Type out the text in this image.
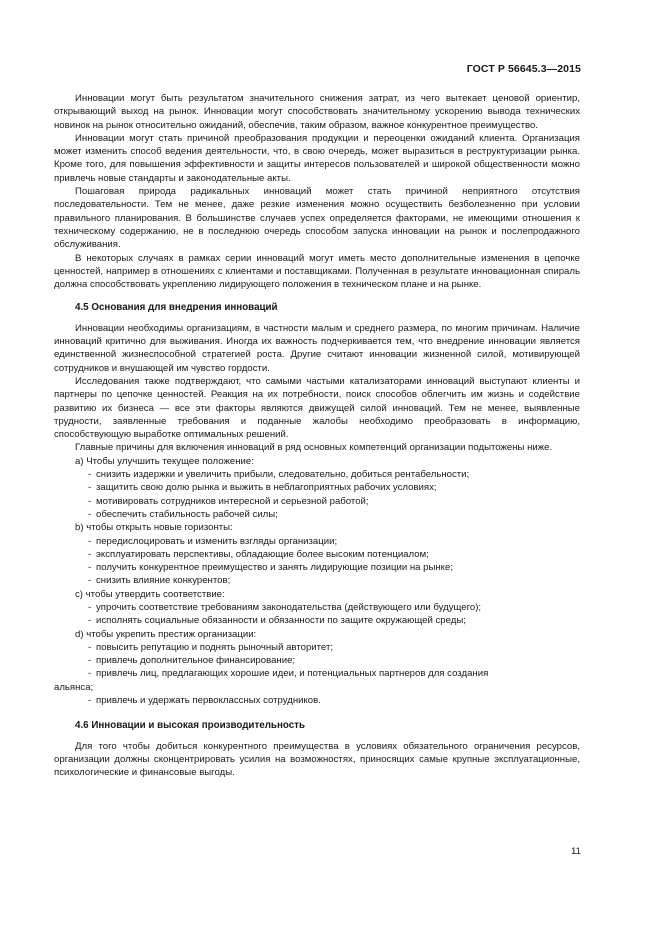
ГОСТ Р 56645.3—2015

Инновации могут быть результатом значительного снижения затрат, из чего вытекает ценовой ориентир, открывающий выход на рынок. Инновации могут способствовать значительному ускорению вывода технических новинок на рынок относительно ожиданий, обеспечив, таким образом, важное конкурентное преимущество.

Инновации могут стать причиной преобразования продукции и переоценки ожиданий клиента. Организация может изменить способ ведения деятельности, что, в свою очередь, может выразиться в реструктуризации рынка. Кроме того, для повышения эффективности и защиты интересов пользователей и широкой общественности можно привлечь новые стандарты и законодательные акты.

Пошаговая природа радикальных инноваций может стать причиной неприятного отсутствия последовательности. Тем не менее, даже резкие изменения можно осуществить безболезненно при условии правильного планирования. В большинстве случаев успех определяется факторами, не имеющими отношения к техническому содержанию, не в последнюю очередь способом запуска инновации на рынок и послепродажного обслуживания.

В некоторых случаях в рамках серии инноваций могут иметь место дополнительные изменения в цепочке ценностей, например в отношениях с клиентами и поставщиками. Полученная в результате инновационная спираль должна способствовать укреплению лидирующего положения в техническом плане и на рынке.

4.5 Основания для внедрения инноваций

Инновации необходимы организациям, в частности малым и среднего размера, по многим причинам. Наличие инноваций критично для выживания. Иногда их важность подчеркивается тем, что внедрение инновации является единственной жизнеспособной стратегией роста. Другие считают инновации жизненной силой, мотивирующей сотрудников и внушающей им чувство гордости.

Исследования также подтверждают, что самыми частыми катализаторами инноваций выступают клиенты и партнеры по цепочке ценностей. Реакция на их потребности, поиск способов облегчить им жизнь и содействие развитию их бизнеса — все эти факторы являются движущей силой инноваций. Тем не менее, выявленные трудности, заявленные требования и поданные жалобы необходимо преобразовать в информацию, способствующую выработке оптимальных решений.

Главные причины для включения инноваций в ряд основных компетенций организации подытожены ниже.

а) Чтобы улучшить текущее положение:
- снизить издержки и увеличить прибыли, следовательно, добиться рентабельности;
- защитить свою долю рынка и выжить в неблагоприятных рабочих условиях;
- мотивировать сотрудников интересной и серьезной работой;
- обеспечить стабильность рабочей силы;
b) чтобы открыть новые горизонты:
- передислоцировать и изменить взгляды организации;
- эксплуатировать перспективы, обладающие более высоким потенциалом;
- получить конкурентное преимущество и занять лидирующие позиции на рынке;
- снизить влияние конкурентов;
c) чтобы утвердить соответствие:
- упрочить соответствие требованиям законодательства (действующего или будущего);
- исполнять социальные обязанности и обязанности по защите окружающей среды;
d) чтобы укрепить престиж организации:
- повысить репутацию и поднять рыночный авторитет;
- привлечь дополнительное финансирование;
- привлечь лиц, предлагающих хорошие идеи, и потенциальных партнеров для создания
альянса;
- привлечь и удержать первоклассных сотрудников.
4.6 Инновации и высокая производительность

Для того чтобы добиться конкурентного преимущества в условиях обязательного ограничения ресурсов, организации должны сконцентрировать усилия на возможностях, приносящих самые крупные эксплуатационные, психологические и финансовые выгоды.

11
